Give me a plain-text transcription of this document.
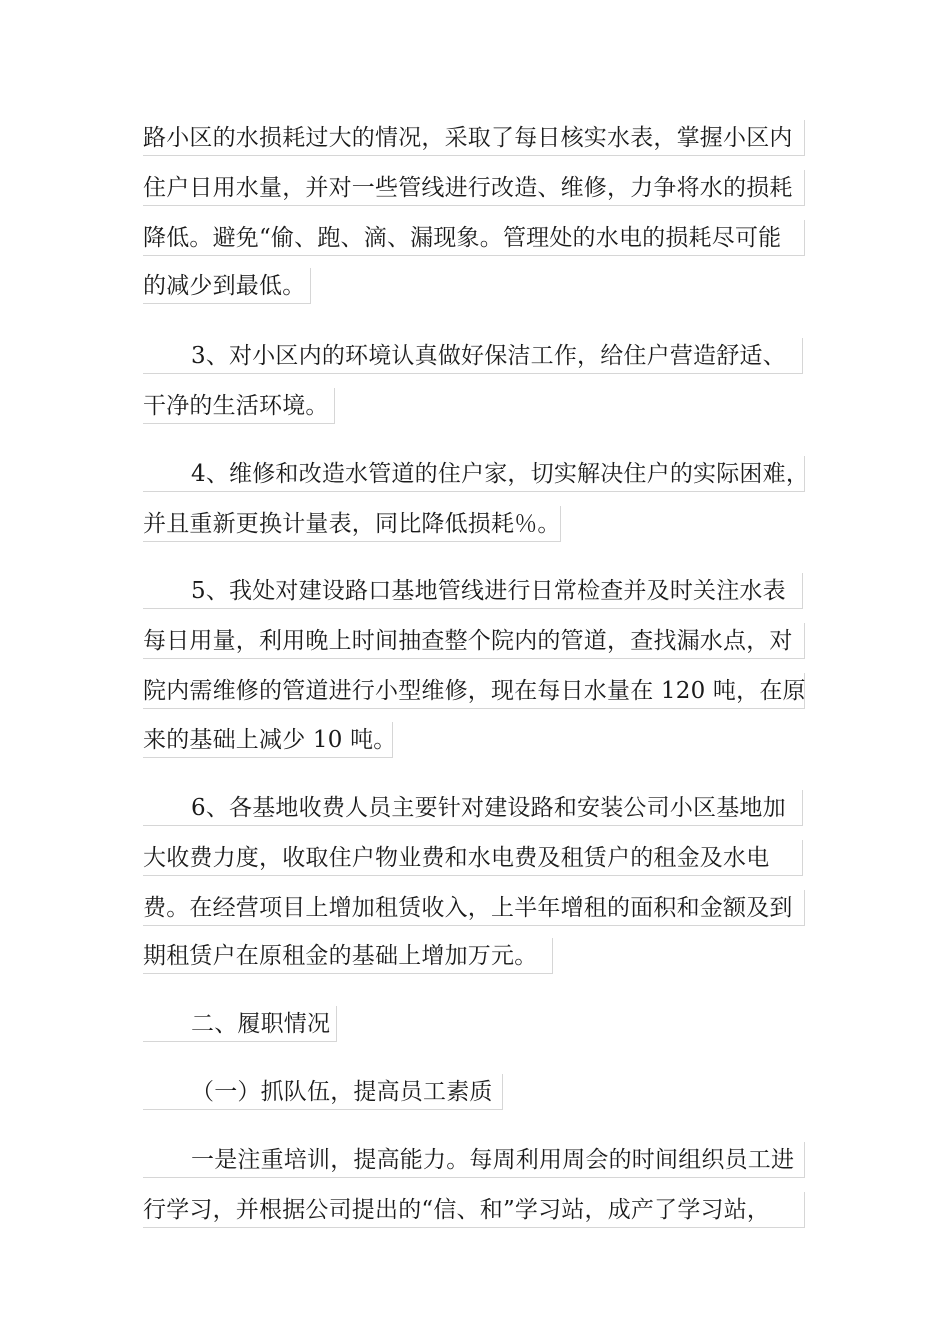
路小区的水损耗过大的情况，采取了每日核实水表，掌握小区内
住户日用水量，并对一些管线进行改造、维修，力争将水的损耗
降低。避免“偷、跑、滴、漏现象。管理处的水电的损耗尽可能
的减少到最低。
3、对小区内的环境认真做好保洁工作，给住户营造舒适、
干净的生活环境。
4、维修和改造水管道的住户家，切实解决住户的实际困难，
并且重新更换计量表，同比降低损耗％。
5、我处对建设路口基地管线进行日常检查并及时关注水表
每日用量，利用晚上时间抽查整个院内的管道，查找漏水点，对
院内需维修的管道进行小型维修，现在每日水量在 120 吨，在原
来的基础上减少 10 吨。
6、各基地收费人员主要针对建设路和安装公司小区基地加
大收费力度，收取住户物业费和水电费及租赁户的租金及水电
费。在经营项目上增加租赁收入，上半年增租的面积和金额及到
期租赁户在原租金的基础上增加万元。
二、履职情况
（一）抓队伍，提高员工素质
一是注重培训，提高能力。每周利用周会的时间组织员工进
行学习，并根据公司提出的“信、和”学习站，成产了学习站，
